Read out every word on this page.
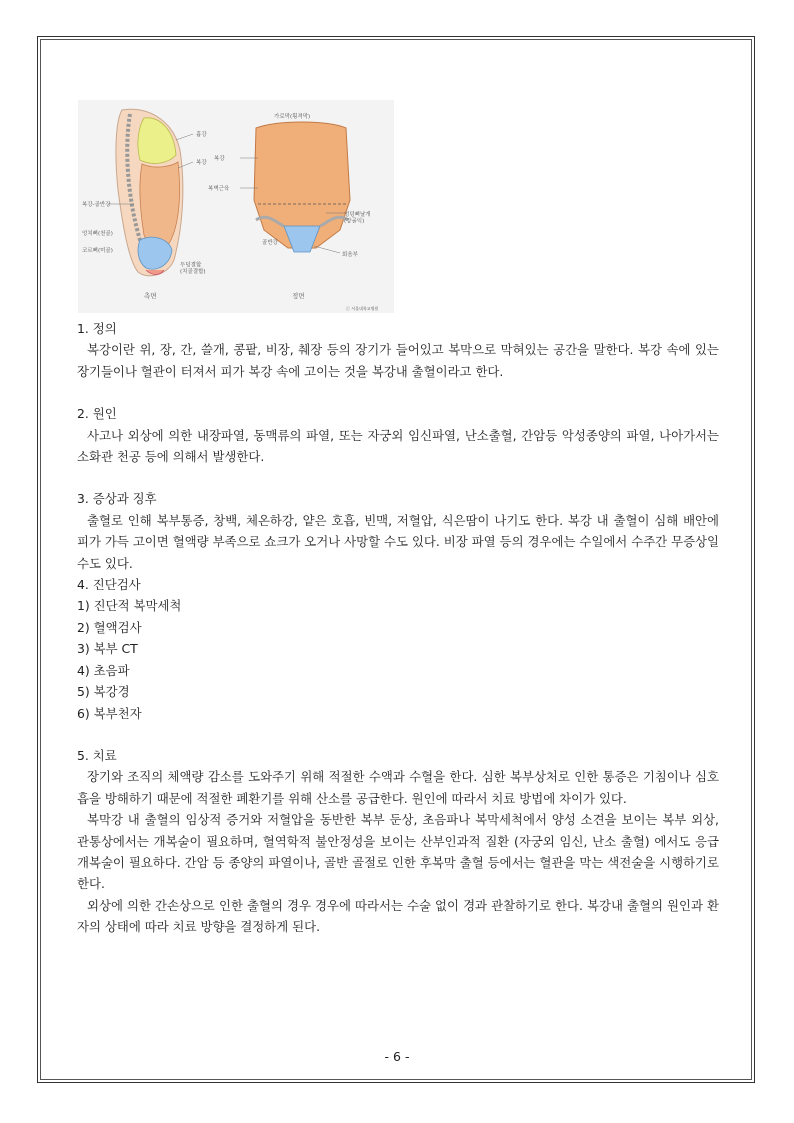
흉강
복강
복강-골반강
엉치뼈(천골)
코르뼈(미골)
두덩결합 (치골결합)
측면
가로막(횡격막)
복강
복벽근육
엉덩뼈날개 (장골익)
골반강
회음부
정면
ⓒ 서울대학교병원

1. 정의

복강이란 위, 장, 간, 쓸개, 콩팥, 비장, 췌장 등의 장기가 들어있고 복막으로 막혀있는 공간을 말한다. 복강 속에 있는 장기들이나 혈관이 터져서 피가 복강 속에 고이는 것을 복강내 출혈이라고 한다.

2. 원인

사고나 외상에 의한 내장파열, 동맥류의 파열, 또는 자궁외 임신파열, 난소출혈, 간암등 악성종양의 파열, 나아가서는 소화관 천공 등에 의해서 발생한다.

3. 증상과 징후

출혈로 인해 복부통증, 창백, 체온하강, 얕은 호흡, 빈맥, 저혈압, 식은땀이 나기도 한다. 복강 내 출혈이 심해 배안에 피가 가득 고이면 혈액량 부족으로 쇼크가 오거나 사망할 수도 있다. 비장 파열 등의 경우에는 수일에서 수주간 무증상일 수도 있다.

4. 진단검사

1) 진단적 복막세척

2) 혈액검사

3) 복부 CT

4) 초음파

5) 복강경

6) 복부천자

5. 치료

장기와 조직의 체액량 감소를 도와주기 위해 적절한 수액과 수혈을 한다. 심한 복부상처로 인한 통증은 기침이나 심호흡을 방해하기 때문에 적절한 폐환기를 위해 산소를 공급한다. 원인에 따라서 치료 방법에 차이가 있다.

복막강 내 출혈의 임상적 증거와 저혈압을 동반한 복부 둔상, 초음파나 복막세척에서 양성 소견을 보이는 복부 외상, 관통상에서는 개복술이 필요하며, 혈역학적 불안정성을 보이는 산부인과적 질환 (자궁외 임신, 난소 출혈) 에서도 응급 개복술이 필요하다. 간암 등 종양의 파열이나, 골반 골절로 인한 후복막 출혈 등에서는 혈관을 막는 색전술을 시행하기로 한다.

외상에 의한 간손상으로 인한 출혈의 경우 경우에 따라서는 수술 없이 경과 관찰하기로 한다. 복강내 출혈의 원인과 환자의 상태에 따라 치료 방향을 결정하게 된다.

- 6 -
